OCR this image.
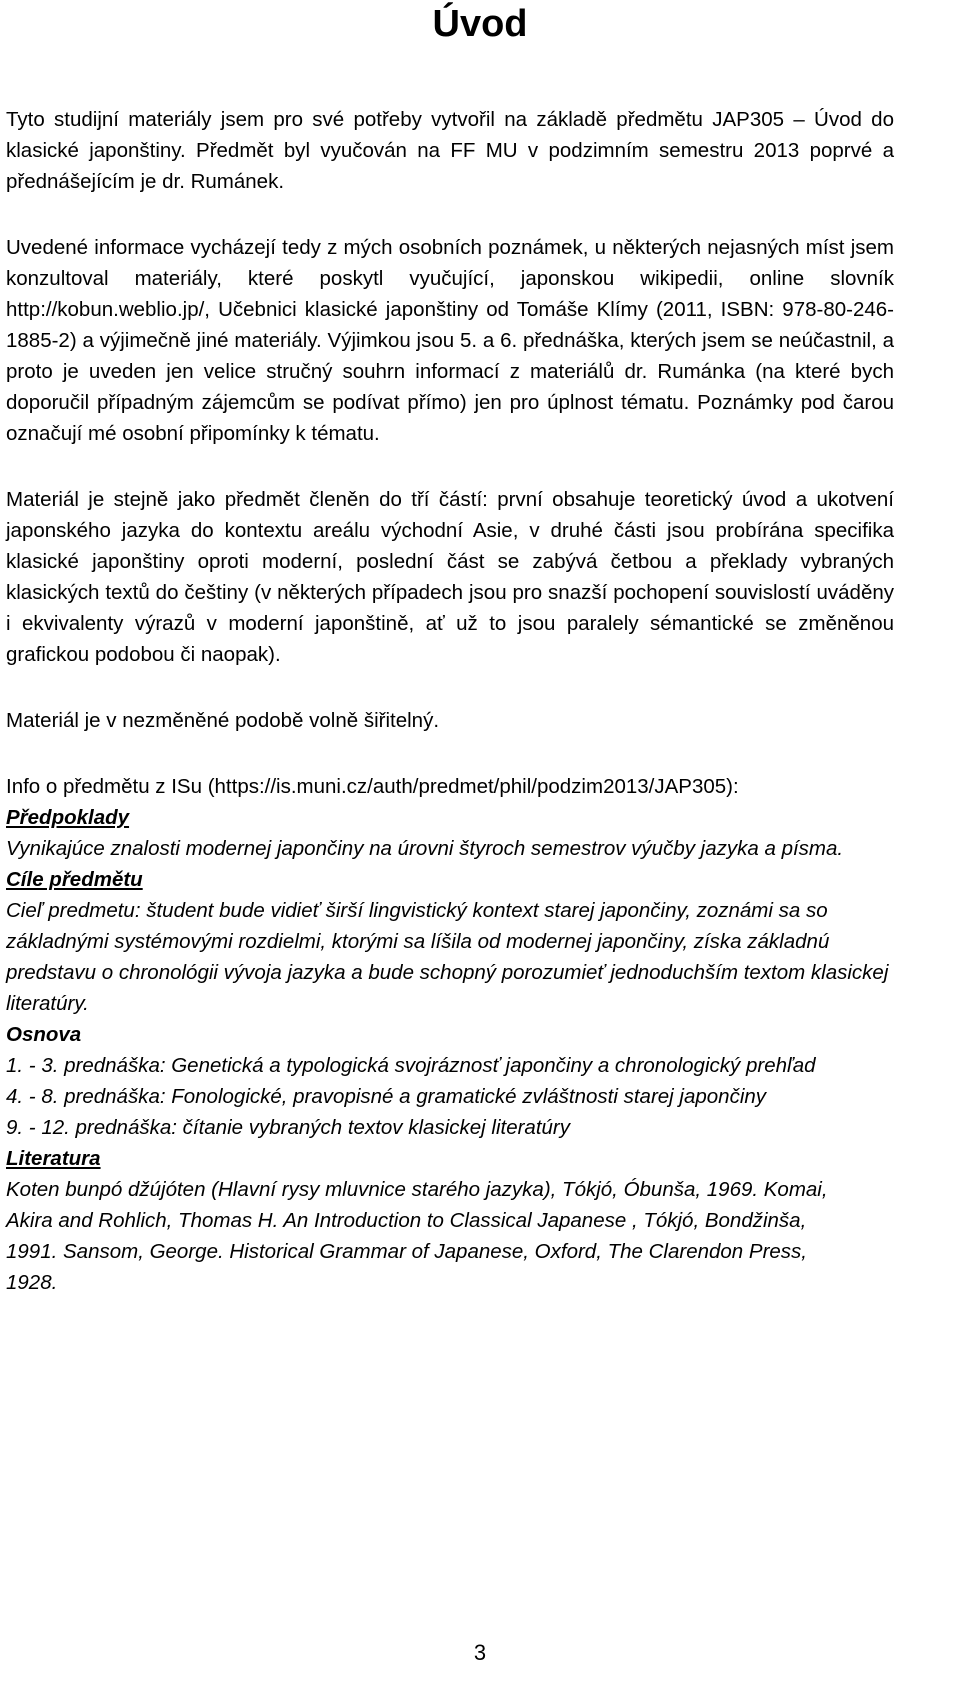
Úvod

Tyto studijní materiály jsem pro své potřeby vytvořil na základě předmětu JAP305 – Úvod do klasické japonštiny. Předmět byl vyučován na FF MU v podzimním semestru 2013 poprvé a přednášejícím je dr. Rumánek.

Uvedené informace vycházejí tedy z mých osobních poznámek, u některých nejasných míst jsem konzultoval materiály, které poskytl vyučující, japonskou wikipedii, online slovník http://kobun.weblio.jp/, Učebnici klasické japonštiny od Tomáše Klímy (2011, ISBN: 978-80-246-1885-2) a výjimečně jiné materiály. Výjimkou jsou 5. a 6. přednáška, kterých jsem se neúčastnil, a proto je uveden jen velice stručný souhrn informací z materiálů dr. Rumánka (na které bych doporučil případným zájemcům se podívat přímo) jen pro úplnost tématu. Poznámky pod čarou označují mé osobní připomínky k tématu.

Materiál je stejně jako předmět členěn do tří částí: první obsahuje teoretický úvod a ukotvení japonského jazyka do kontextu areálu východní Asie, v druhé části jsou probírána specifika klasické japonštiny oproti moderní, poslední část se zabývá četbou a překlady vybraných klasických textů do češtiny (v některých případech jsou pro snazší pochopení souvislostí uváděny i ekvivalenty výrazů v moderní japonštině, ať už to jsou paralely sémantické se změněnou grafickou podobou či naopak).

Materiál je v nezměněné podobě volně šiřitelný.

Info o předmětu z ISu (https://is.muni.cz/auth/predmet/phil/podzim2013/JAP305):

Předpoklady

Vynikajúce znalosti modernej japončiny na úrovni štyroch semestrov výučby jazyka a písma.

Cíle předmětu

Cieľ predmetu: študent bude vidieť širší lingvistický kontext starej japončiny, zoznámi sa so základnými systémovými rozdielmi, ktorými sa líšila od modernej japončiny, získa základnú predstavu o chronológii vývoja jazyka a bude schopný porozumieť jednoduchším textom klasickej literatúry.

Osnova

1. - 3. prednáška: Genetická a typologická svojráznosť japončiny a chronologický prehľad

4. - 8. prednáška: Fonologické, pravopisné a gramatické zvláštnosti starej japončiny

9. - 12. prednáška: čítanie vybraných textov klasickej literatúry

Literatura

Koten bunpó džújóten (Hlavní rysy mluvnice starého jazyka), Tókjó, Óbunša, 1969. Komai, Akira and Rohlich, Thomas H. An Introduction to Classical Japanese , Tókjó, Bondžinša, 1991. Sansom, George. Historical Grammar of Japanese, Oxford, The Clarendon Press, 1928.

3
